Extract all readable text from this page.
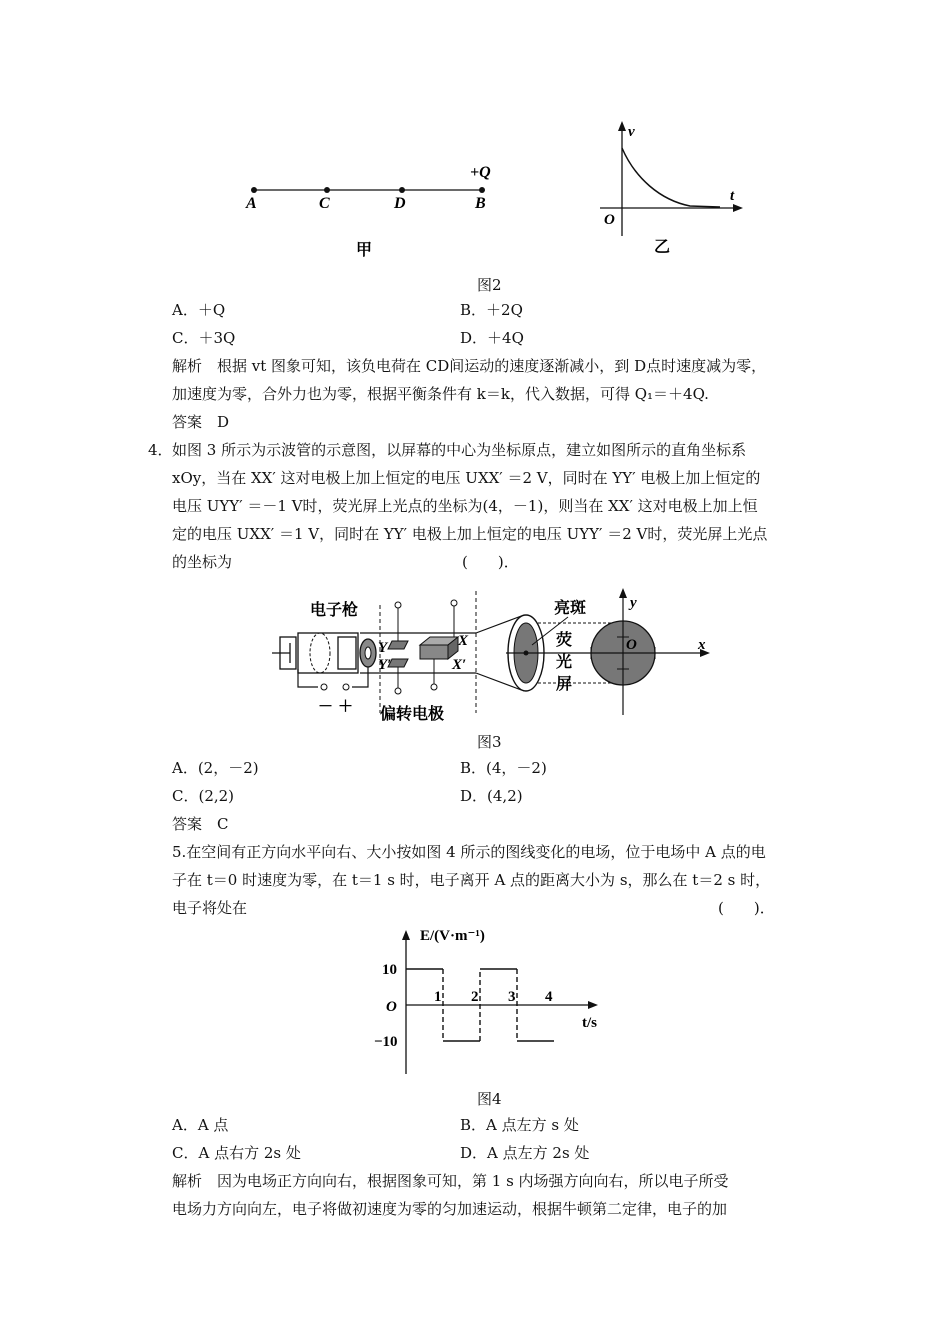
+Q
A	C	D	B
甲
v
t
O
乙
图2
A．＋Q	B．＋2Q
C．＋3Q	D．＋4Q
解析　根据 vt 图象可知，该负电荷在 CD间运动的速度逐渐减小，到 D点时速度减为零，
加速度为零，合外力也为零，根据平衡条件有 k＝k，代入数据，可得 Q₁＝＋4Q.
答案　D
4． 如图 3 所示为示波管的示意图，以屏幕的中心为坐标原点，建立如图所示的直角坐标系
xOy，当在 XX′ 这对电极上加上恒定的电压 UXX′ ＝2 V，同时在 YY′ 电极上加上恒定的
电压 UYY′ ＝－1 V时，荧光屏上光点的坐标为(4，－1)，则当在 XX′ 这对电极上加上恒
定的电压 UXX′ ＝1 V，同时在 YY′ 电极上加上恒定的电压 UYY′ ＝2 V时，荧光屏上光点
的坐标为	(　　)．
－ ＋
电子枪
Y
Y′
X
X′
亮斑
荧
光
屏
偏转电极
y
x
O
图3
A．(2，－2)	B．(4，－2)
C．(2,2)	D．(4,2)
答案　C
5.在空间有正方向水平向右、大小按如图 4 所示的图线变化的电场，位于电场中 A 点的电
子在 t＝0 时速度为零，在 t＝1 s 时，电子离开 A 点的距离大小为 s，那么在 t＝2 s 时，
电子将处在	(　　)．
E/(V·m⁻¹)
t/s
O
1 2 3 4
10
−10
图4
A．A 点	B．A 点左方 s 处
C．A 点右方 2s 处	D．A 点左方 2s 处
解析　因为电场正方向向右，根据图象可知，第 1 s 内场强方向向右，所以电子所受
电场力方向向左，电子将做初速度为零的匀加速运动，根据牛顿第二定律，电子的加
